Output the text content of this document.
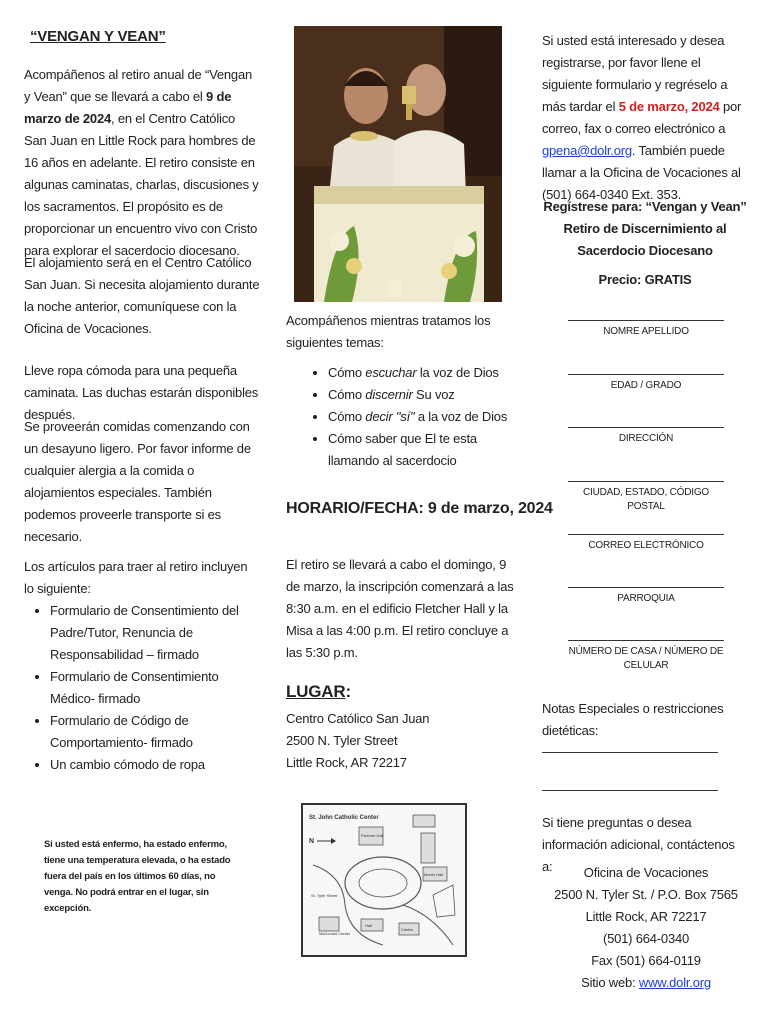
“VENGAN Y VEAN”

Acompáñenos al retiro anual de “Vengan y Vean” que se llevará a cabo el 9 de marzo de 2024, en el Centro Católico San Juan en Little Rock para hombres de 16 años en adelante. El retiro consiste en algunas caminatas, charlas, discusiones y los sacramentos. El propósito es de proporcionar un encuentro vivo con Cristo para explorar el sacerdocio diocesano.

El alojamiento será en el Centro Católico San Juan. Si necesita alojamiento durante la noche anterior, comuníquese con la Oficina de Vocaciones.

Lleve ropa cómoda para una pequeña caminata. Las duchas estarán disponibles después.

Se proveerán comidas comenzando con un desayuno ligero. Por favor informe de cualquier alergia a la comida o alojamientos especiales. También podemos proveerle transporte si es necesario.

Los artículos para traer al retiro incluyen lo siguiente:

• Formulario de Consentimiento del Padre/Tutor, Renuncia de Responsabilidad – firmado
• Formulario de Consentimiento Médico- firmado
• Formulario de Código de Comportamiento- firmado
• Un cambio cómodo de ropa

Si usted está enfermo, ha estado enfermo, tiene una temperatura elevada, o ha estado fuera del país en los últimos 60 días, no venga. No podrá entrar en el lugar, sin excepción.

Acompáñenos mientras tratamos los siguientes temas:

• Cómo escuchar la voz de Dios
• Cómo discernir Su voz
• Cómo decir "sí" a la voz de Dios
• Cómo saber que El te esta llamando al sacerdocio
HORARIO/FECHA: 9 de marzo, 2024

El retiro se llevará a cabo el domingo, 9 de marzo, la inscripción comenzará a las 8:30 a.m. en el edificio Fletcher Hall y la Misa a las 4:00 p.m. El retiro concluye a las 5:30 p.m.

LUGAR:
Centro Católico San Juan
2500 N. Tyler Street
Little Rock, AR 72217
St. John Catholic Center
N
Fletcher Hall
Morris Hall
St. Tyler Street
McDonald Center
Hall
Center

Si usted está interesado y desea registrarse, por favor llene el siguiente formulario y regréselo a más tardar el 5 de marzo, 2024 por correo, fax o correo electrónico a gpena@dolr.org. También puede llamar a la Oficina de Vocaciones al (501) 664-0340 Ext. 353.

Regístrese para: “Vengan y Vean”
Retiro de Discernimiento al
Sacerdocio Diocesano
Precio: GRATIS
NOMRE APELLIDO
EDAD / GRADO
DIRECCIÓN
CIUDAD, ESTADO, CÓDIGO POSTAL
CORREO ELECTRÓNICO
PARROQUIA
NÚMERO DE CASA / NÚMERO DE CELULAR
Notas Especiales o restricciones dietéticas:

Si tiene preguntas o desea información adicional, contáctenos a:	Oficina de Vocaciones
2500 N. Tyler St. / P.O. Box 7565
Little Rock, AR 72217
(501) 664-0340
Fax (501) 664-0119
Sitio web: www.dolr.org
